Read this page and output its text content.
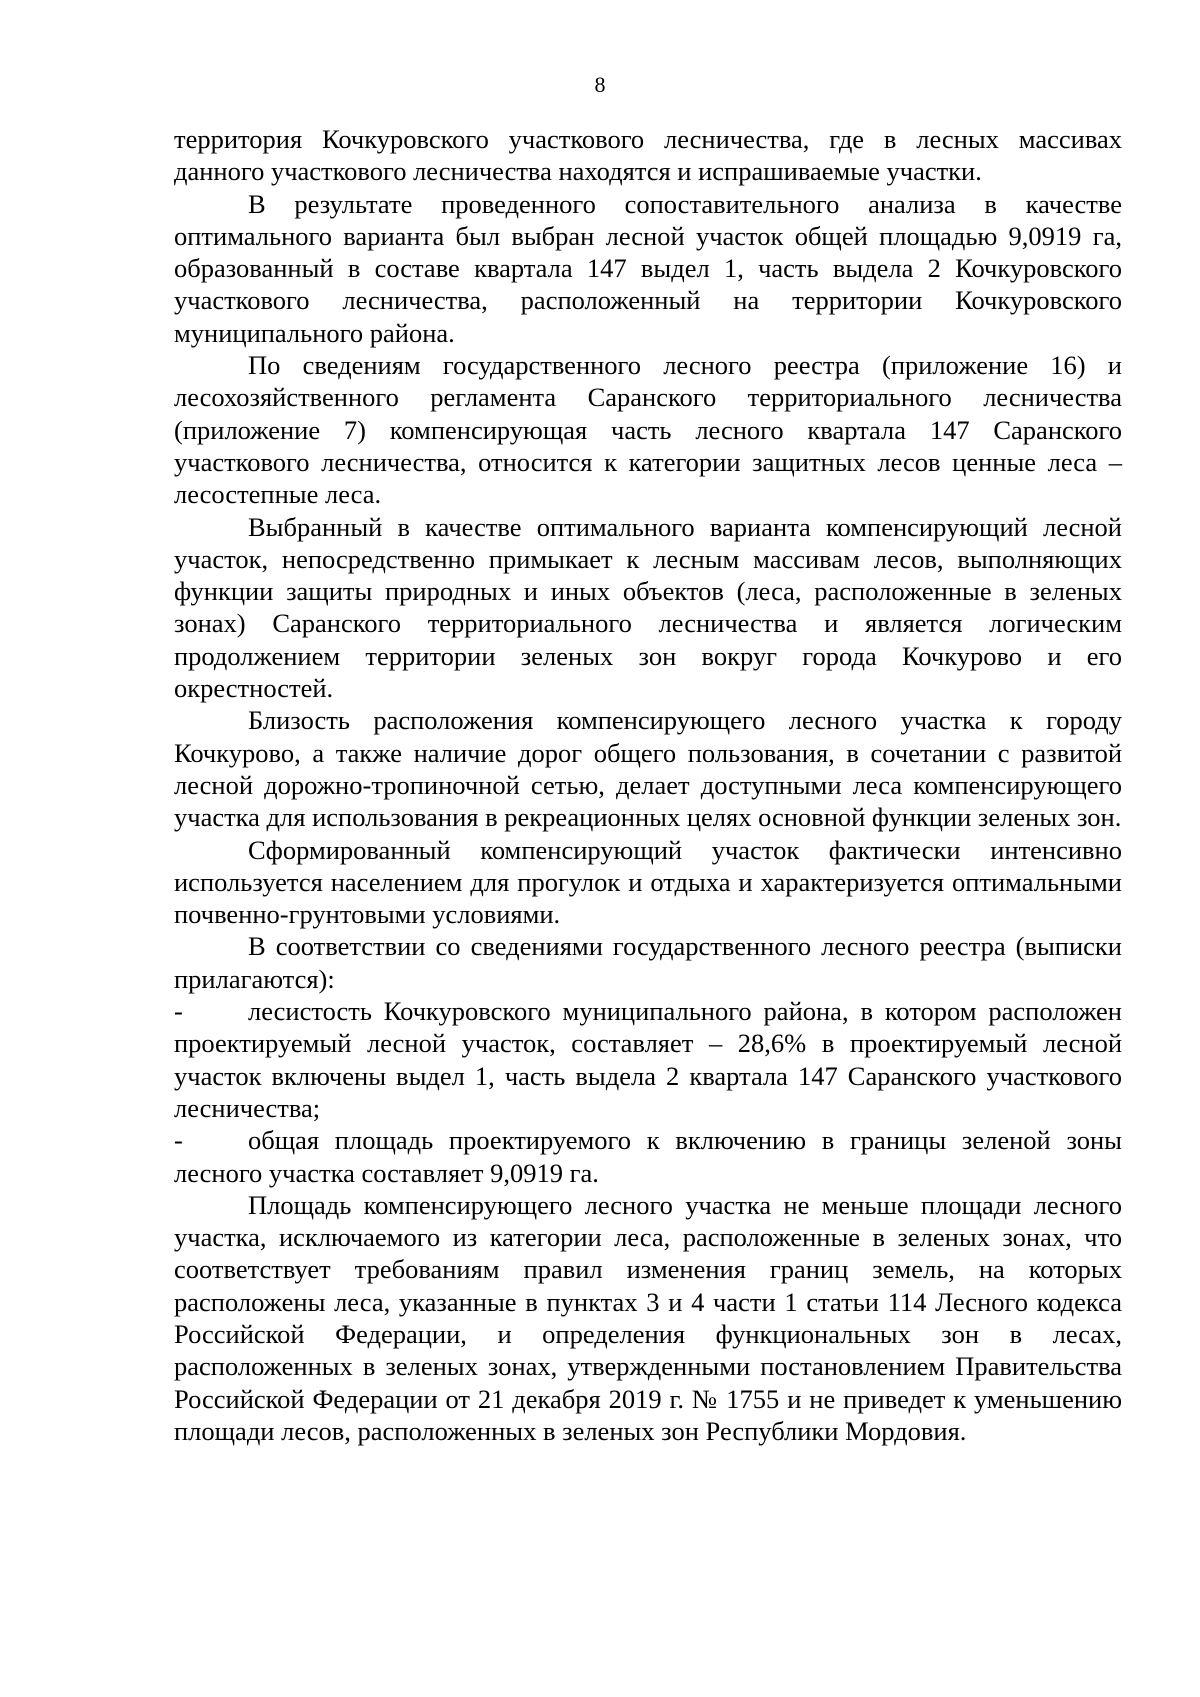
8

территория Кочкуровского участкового лесничества, где в лесных массивах данного участкового лесничества находятся и испрашиваемые участки.

В результате проведенного сопоставительного анализа в качестве оптимального варианта был выбран лесной участок общей площадью 9,0919 га, образованный в составе квартала 147 выдел 1, часть выдела 2 Кочкуровского участкового лесничества, расположенный на территории Кочкуровского муниципального района.

По сведениям государственного лесного реестра (приложение 16) и лесохозяйственного регламента Саранского территориального лесничества (приложение 7) компенсирующая часть лесного квартала 147 Саранского участкового лесничества, относится к категории защитных лесов ценные леса – лесостепные леса.

Выбранный в качестве оптимального варианта компенсирующий лесной участок, непосредственно примыкает к лесным массивам лесов, выполняющих функции защиты природных и иных объектов (леса, расположенные в зеленых зонах) Саранского территориального лесничества и является логическим продолжением территории зеленых зон вокруг города Кочкурово и его окрестностей.

Близость расположения компенсирующего лесного участка к городу Кочкурово, а также наличие дорог общего пользования, в сочетании с развитой лесной дорожно-тропиночной сетью, делает доступными леса компенсирующего участка для использования в рекреационных целях основной функции зеленых зон.

Сформированный компенсирующий участок фактически интенсивно используется населением для прогулок и отдыха и характеризуется оптимальными почвенно-грунтовыми условиями.

В соответствии со сведениями государственного лесного реестра (выписки прилагаются):

- лесистость Кочкуровского муниципального района, в котором расположен проектируемый лесной участок, составляет – 28,6% в проектируемый лесной участок включены выдел 1, часть выдела 2 квартала 147 Саранского участкового лесничества;

- общая площадь проектируемого к включению в границы зеленой зоны лесного участка составляет 9,0919 га.

Площадь компенсирующего лесного участка не меньше площади лесного участка, исключаемого из категории леса, расположенные в зеленых зонах, что соответствует требованиям правил изменения границ земель, на которых расположены леса, указанные в пунктах 3 и 4 части 1 статьи 114 Лесного кодекса Российской Федерации, и определения функциональных зон в лесах, расположенных в зеленых зонах, утвержденными постановлением Правительства Российской Федерации от 21 декабря 2019 г. № 1755 и не приведет к уменьшению площади лесов, расположенных в зеленых зон Республики Мордовия.
